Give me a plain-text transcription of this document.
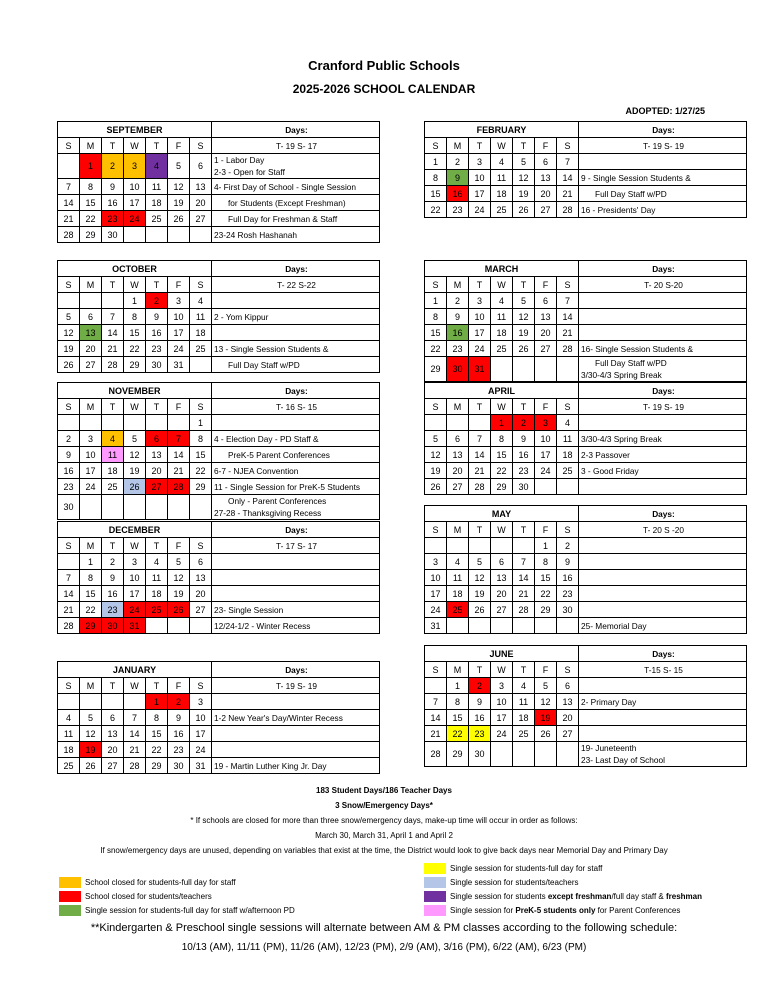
Cranford Public Schools
2025-2026 SCHOOL CALENDAR
ADOPTED: 1/27/25
SEPTEMBER							Days:
S	M	T	W	T	F	S	T- 19 S- 17
	1	2	3	4	5	6	1 - Labor Day
2-3 - Open for Staff

7	8	9	10	11	12	13	4- First Day of School - Single Session

14	15	16	17	18	19	20	for Students (Except Freshman)

21	22	23	24	25	26	27	Full Day for Freshman & Staff

28	29	30					23-24 Rosh Hashanah
OCTOBER							Days:
S	M	T	W	T	F	S	T- 22 S-22
			1	2	3	4	
5	6	7	8	9	10	11	2 - Yom Kippur

12	13	14	15	16	17	18	
19	20	21	22	23	24	25	13 - Single Session Students &

26	27	28	29	30	31		Full Day Staff w/PD
NOVEMBER							Days:
S	M	T	W	T	F	S	T- 16 S- 15
						1	
2	3	4	5	6	7	8	4 - Election Day - PD Staff &

9	10	11	12	13	14	15	PreK-5 Parent Conferences

16	17	18	19	20	21	22	6-7 - NJEA Convention

23	24	25	26	27	28	29	11 - Single Session for PreK-5 Students

30							Only - Parent Conferences
27-28 - Thanksgiving Recess
DECEMBER							Days:
S	M	T	W	T	F	S	T- 17 S- 17
	1	2	3	4	5	6	
7	8	9	10	11	12	13	
14	15	16	17	18	19	20	
21	22	23	24	25	26	27	23- Single Session

28	29	30	31				12/24-1/2 - Winter Recess
JANUARY							Days:
S	M	T	W	T	F	S	T- 19 S- 19
				1	2	3	
4	5	6	7	8	9	10	1-2 New Year's Day/Winter Recess

11	12	13	14	15	16	17	
18	19	20	21	22	23	24	
25	26	27	28	29	30	31	19 - Martin Luther King Jr. Day
FEBRUARY							Days:
S	M	T	W	T	F	S	T- 19 S- 19
1	2	3	4	5	6	7	
8	9	10	11	12	13	14	9 - Single Session Students &

15	16	17	18	19	20	21	Full Day Staff w/PD

22	23	24	25	26	27	28	16 - Presidents' Day
MARCH							Days:
S	M	T	W	T	F	S	T- 20 S-20
1	2	3	4	5	6	7	
8	9	10	11	12	13	14	
15	16	17	18	19	20	21	
22	23	24	25	26	27	28	16- Single Session Students &

29	30	31					Full Day Staff w/PD
3/30-4/3 Spring Break
APRIL							Days:
S	M	T	W	T	F	S	T- 19 S- 19
			1	2	3	4	
5	6	7	8	9	10	11	3/30-4/3 Spring Break

12	13	14	15	16	17	18	2-3 Passover

19	20	21	22	23	24	25	3 - Good Friday

26	27	28	29	30			
MAY							Days:
S	M	T	W	T	F	S	T- 20 S -20
					1	2	
3	4	5	6	7	8	9	
10	11	12	13	14	15	16	
17	18	19	20	21	22	23	
24	25	26	27	28	29	30	
31							25- Memorial Day
JUNE							Days:
S	M	T	W	T	F	S	T-15 S- 15
	1	2	3	4	5	6	
7	8	9	10	11	12	13	2- Primary Day

14	15	16	17	18	19	20	
21	22	23	24	25	26	27	
28	29	30					19- Juneteenth
23- Last Day of School
183 Student Days/186 Teacher Days
3 Snow/Emergency Days*
* If schools are closed for more than three snow/emergency days, make-up time will occur in order as follows:
March 30, March 31, April 1 and April 2
If snow/emergency days are unused, depending on variables that exist at the time, the District would look to give back days near Memorial Day and Primary Day
Single session for students-full day for staff
School closed for students-full day for staff	Single session for students/teachers
School closed for students/teachers	Single session for students except freshman /full day staff & freshman
Single session for students-full day for staff w/afternoon PD	Single session for PreK-5 students only for Parent Conferences
**Kindergarten & Preschool single sessions will alternate between AM & PM classes according to the following schedule:
10/13 (AM), 11/11 (PM), 11/26 (AM), 12/23 (PM), 2/9 (AM), 3/16 (PM), 6/22 (AM), 6/23 (PM)
